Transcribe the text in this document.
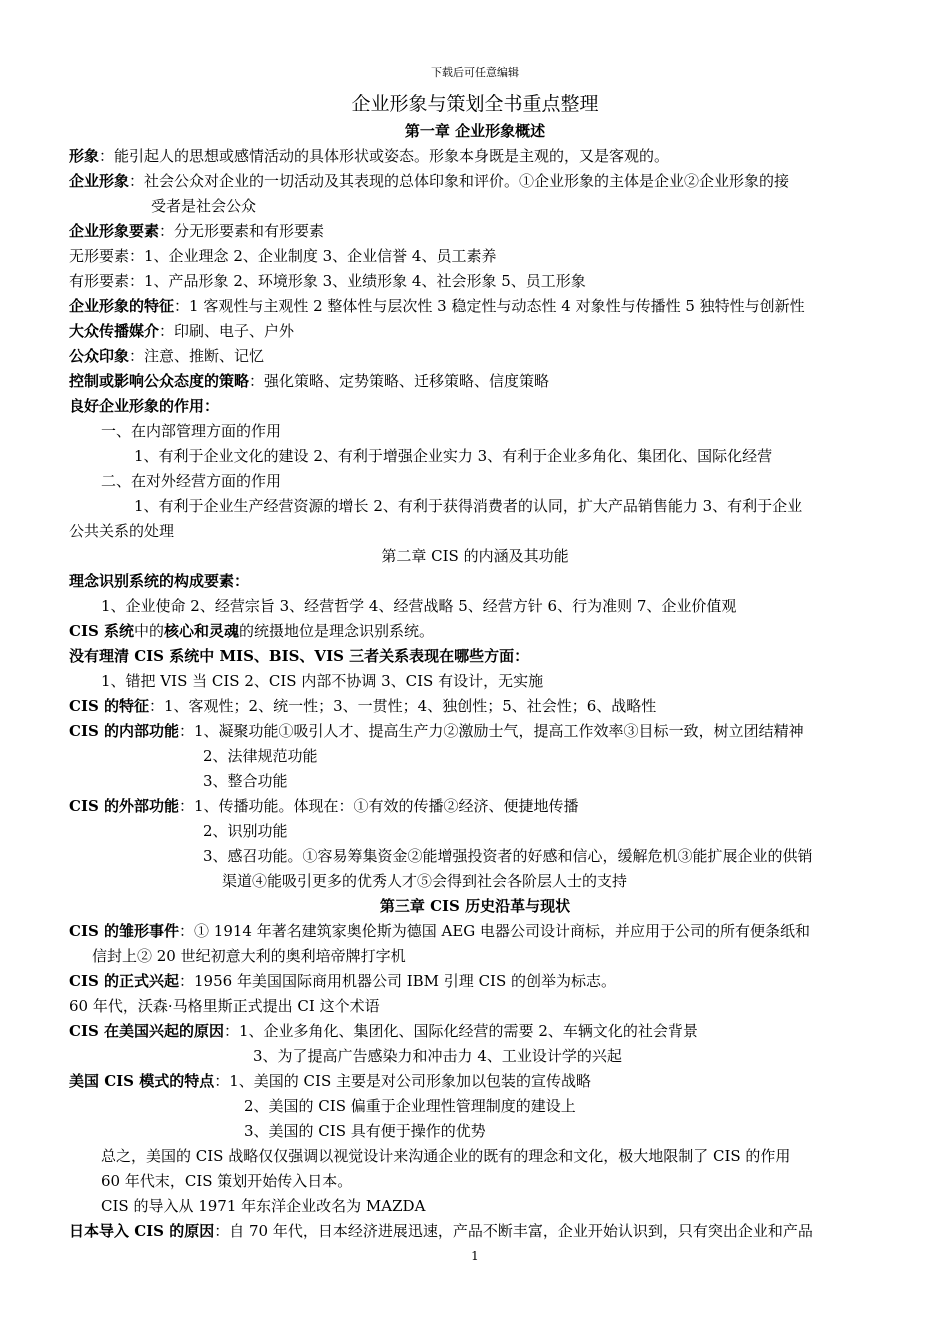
下载后可任意编辑
企业形象与策划全书重点整理
第一章 企业形象概述
形象：能引起人的思想或感情活动的具体形状或姿态。形象本身既是主观的，又是客观的。
企业形象：社会公众对企业的一切活动及其表现的总体印象和评价。①企业形象的主体是企业②企业形象的接
受者是社会公众
企业形象要素：分无形要素和有形要素
无形要素：1、企业理念 2、企业制度 3、企业信誉 4、员工素养
有形要素：1、产品形象 2、环境形象 3、业绩形象 4、社会形象 5、员工形象
企业形象的特征：1 客观性与主观性 2 整体性与层次性 3 稳定性与动态性 4 对象性与传播性 5 独特性与创新性
大众传播媒介：印刷、电子、户外
公众印象：注意、推断、记忆
控制或影响公众态度的策略：强化策略、定势策略、迁移策略、信度策略
良好企业形象的作用：
一、在内部管理方面的作用
1、有利于企业文化的建设 2、有利于增强企业实力 3、有利于企业多角化、集团化、国际化经营
二、在对外经营方面的作用
1、有利于企业生产经营资源的增长 2、有利于获得消费者的认同，扩大产品销售能力 3、有利于企业
公共关系的处理
第二章 CIS 的内涵及其功能
理念识别系统的构成要素：
1、企业使命 2、经营宗旨 3、经营哲学 4、经营战略 5、经营方针 6、行为准则 7、企业价值观
CIS 系统中的核心和灵魂的统摄地位是理念识别系统。
没有理清 CIS 系统中 MIS、BIS、VIS 三者关系表现在哪些方面：
1、错把 VIS 当 CIS 2、CIS 内部不协调 3、CIS 有设计，无实施
CIS 的特征：1、客观性；2、统一性；3、一贯性；4、独创性；5、社会性；6、战略性
CIS 的内部功能：1、凝聚功能①吸引人才、提高生产力②激励士气，提高工作效率③目标一致，树立团结精神
2、法律规范功能
3、整合功能
CIS 的外部功能：1、传播功能。体现在：①有效的传播②经济、便捷地传播
2、识别功能
3、感召功能。①容易筹集资金②能增强投资者的好感和信心，缓解危机③能扩展企业的供销
渠道④能吸引更多的优秀人才⑤会得到社会各阶层人士的支持
第三章 CIS 历史沿革与现状
CIS 的雏形事件：① 1914 年著名建筑家奥伦斯为德国 AEG 电器公司设计商标，并应用于公司的所有便条纸和
信封上② 20 世纪初意大利的奥利培帝牌打字机
CIS 的正式兴起：1956 年美国国际商用机器公司 IBM 引理 CIS 的创举为标志。
60 年代，沃森·马格里斯正式提出 CI 这个术语
CIS 在美国兴起的原因：1、企业多角化、集团化、国际化经营的需要 2、车辆文化的社会背景
3、为了提高广告感染力和冲击力 4、工业设计学的兴起
美国 CIS 模式的特点：1、美国的 CIS 主要是对公司形象加以包装的宣传战略
2、美国的 CIS 偏重于企业理性管理制度的建设上
3、美国的 CIS 具有便于操作的优势
总之，美国的 CIS 战略仅仅强调以视觉设计来沟通企业的既有的理念和文化，极大地限制了 CIS 的作用
60 年代末，CIS 策划开始传入日本。
CIS 的导入从 1971 年东洋企业改名为 MAZDA
日本导入 CIS 的原因：自 70 年代，日本经济进展迅速，产品不断丰富，企业开始认识到，只有突出企业和产品
1
